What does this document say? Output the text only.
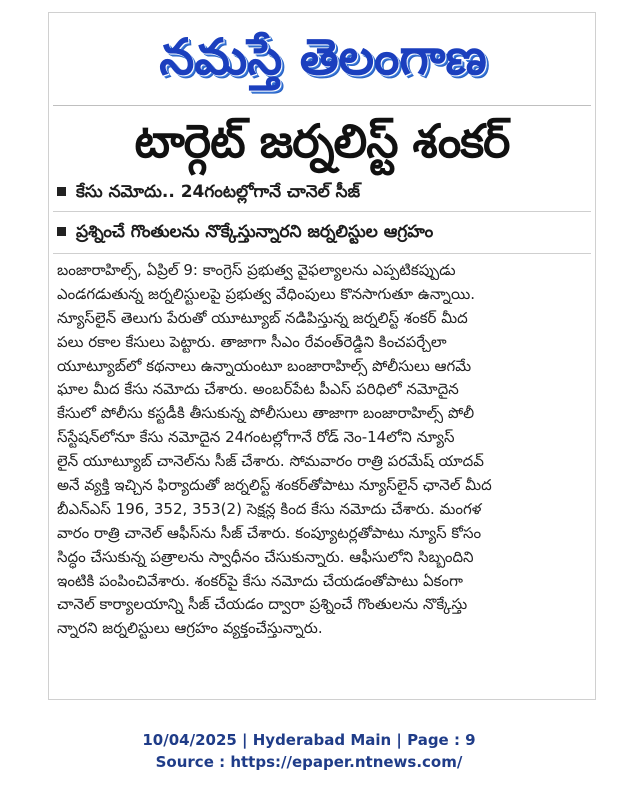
నమస్తే తెలంగాణ
టార్గెట్ జర్నలిస్ట్ శంకర్
కేసు నమోదు.. 24గంటల్లోగానే చానెల్ సీజ్
ప్రశ్నించే గొంతులను నొక్కేస్తున్నారని జర్నలిస్టుల ఆగ్రహం
బంజారాహిల్స్, ఏప్రిల్ 9: కాంగ్రెస్ ప్రభుత్వ వైఫల్యాలను ఎప్పటికప్పుడు
ఎండగడుతున్న జర్నలిస్టులపై ప్రభుత్వ వేధింపులు కొనసాగుతూ ఉన్నాయి.
న్యూస్‌లైన్ తెలుగు పేరుతో యూట్యూబ్ నడిపిస్తున్న జర్నలిస్ట్ శంకర్ మీద
పలు రకాల కేసులు పెట్టారు. తాజాగా సీఎం రేవంత్‌రెడ్డిని కించపర్చేలా
యూట్యూబ్‌లో కథనాలు ఉన్నాయంటూ బంజారాహిల్స్ పోలీసులు ఆగమే
ఘాల మీద కేసు నమోదు చేశారు. అంబర్‌పేట పీఎస్ పరిధిలో నమోదైన
కేసులో పోలీసు కస్టడీకి తీసుకున్న పోలీసులు తాజాగా బంజారాహిల్స్ పోలీ
స్‌స్టేషన్‌లోనూ కేసు నమోదైన 24గంటల్లోగానే రోడ్ నెం-14లోని న్యూస్
లైన్ యూట్యూబ్ చానెల్‌ను సీజ్ చేశారు. సోమవారం రాత్రి పరమేష్ యాదవ్
అనే వ్యక్తి ఇచ్చిన ఫిర్యాదుతో జర్నలిస్ట్ శంకర్‌తోపాటు న్యూస్‌లైన్ ఛానెల్ మీద
బీఎన్ఎస్ 196, 352, 353(2) సెక్షన్ల కింద కేసు నమోదు చేశారు. మంగళ
వారం రాత్రి చానెల్ ఆఫీస్‌ను సీజ్ చేశారు. కంప్యూటర్లతోపాటు న్యూస్ కోసం
సిద్ధం చేసుకున్న పత్రాలను స్వాధీనం చేసుకున్నారు. ఆఫీసులోని సిబ్బందిని
ఇంటికి పంపించివేశారు. శంకర్‌పై కేసు నమోదు చేయడంతోపాటు ఏకంగా
చానెల్ కార్యాలయాన్ని సీజ్ చేయడం ద్వారా ప్రశ్నించే గొంతులను నొక్కేస్తు
న్నారని జర్నలిస్టులు ఆగ్రహం వ్యక్తంచేస్తున్నారు.
10/04/2025 | Hyderabad Main | Page : 9
Source : https://epaper.ntnews.com/
